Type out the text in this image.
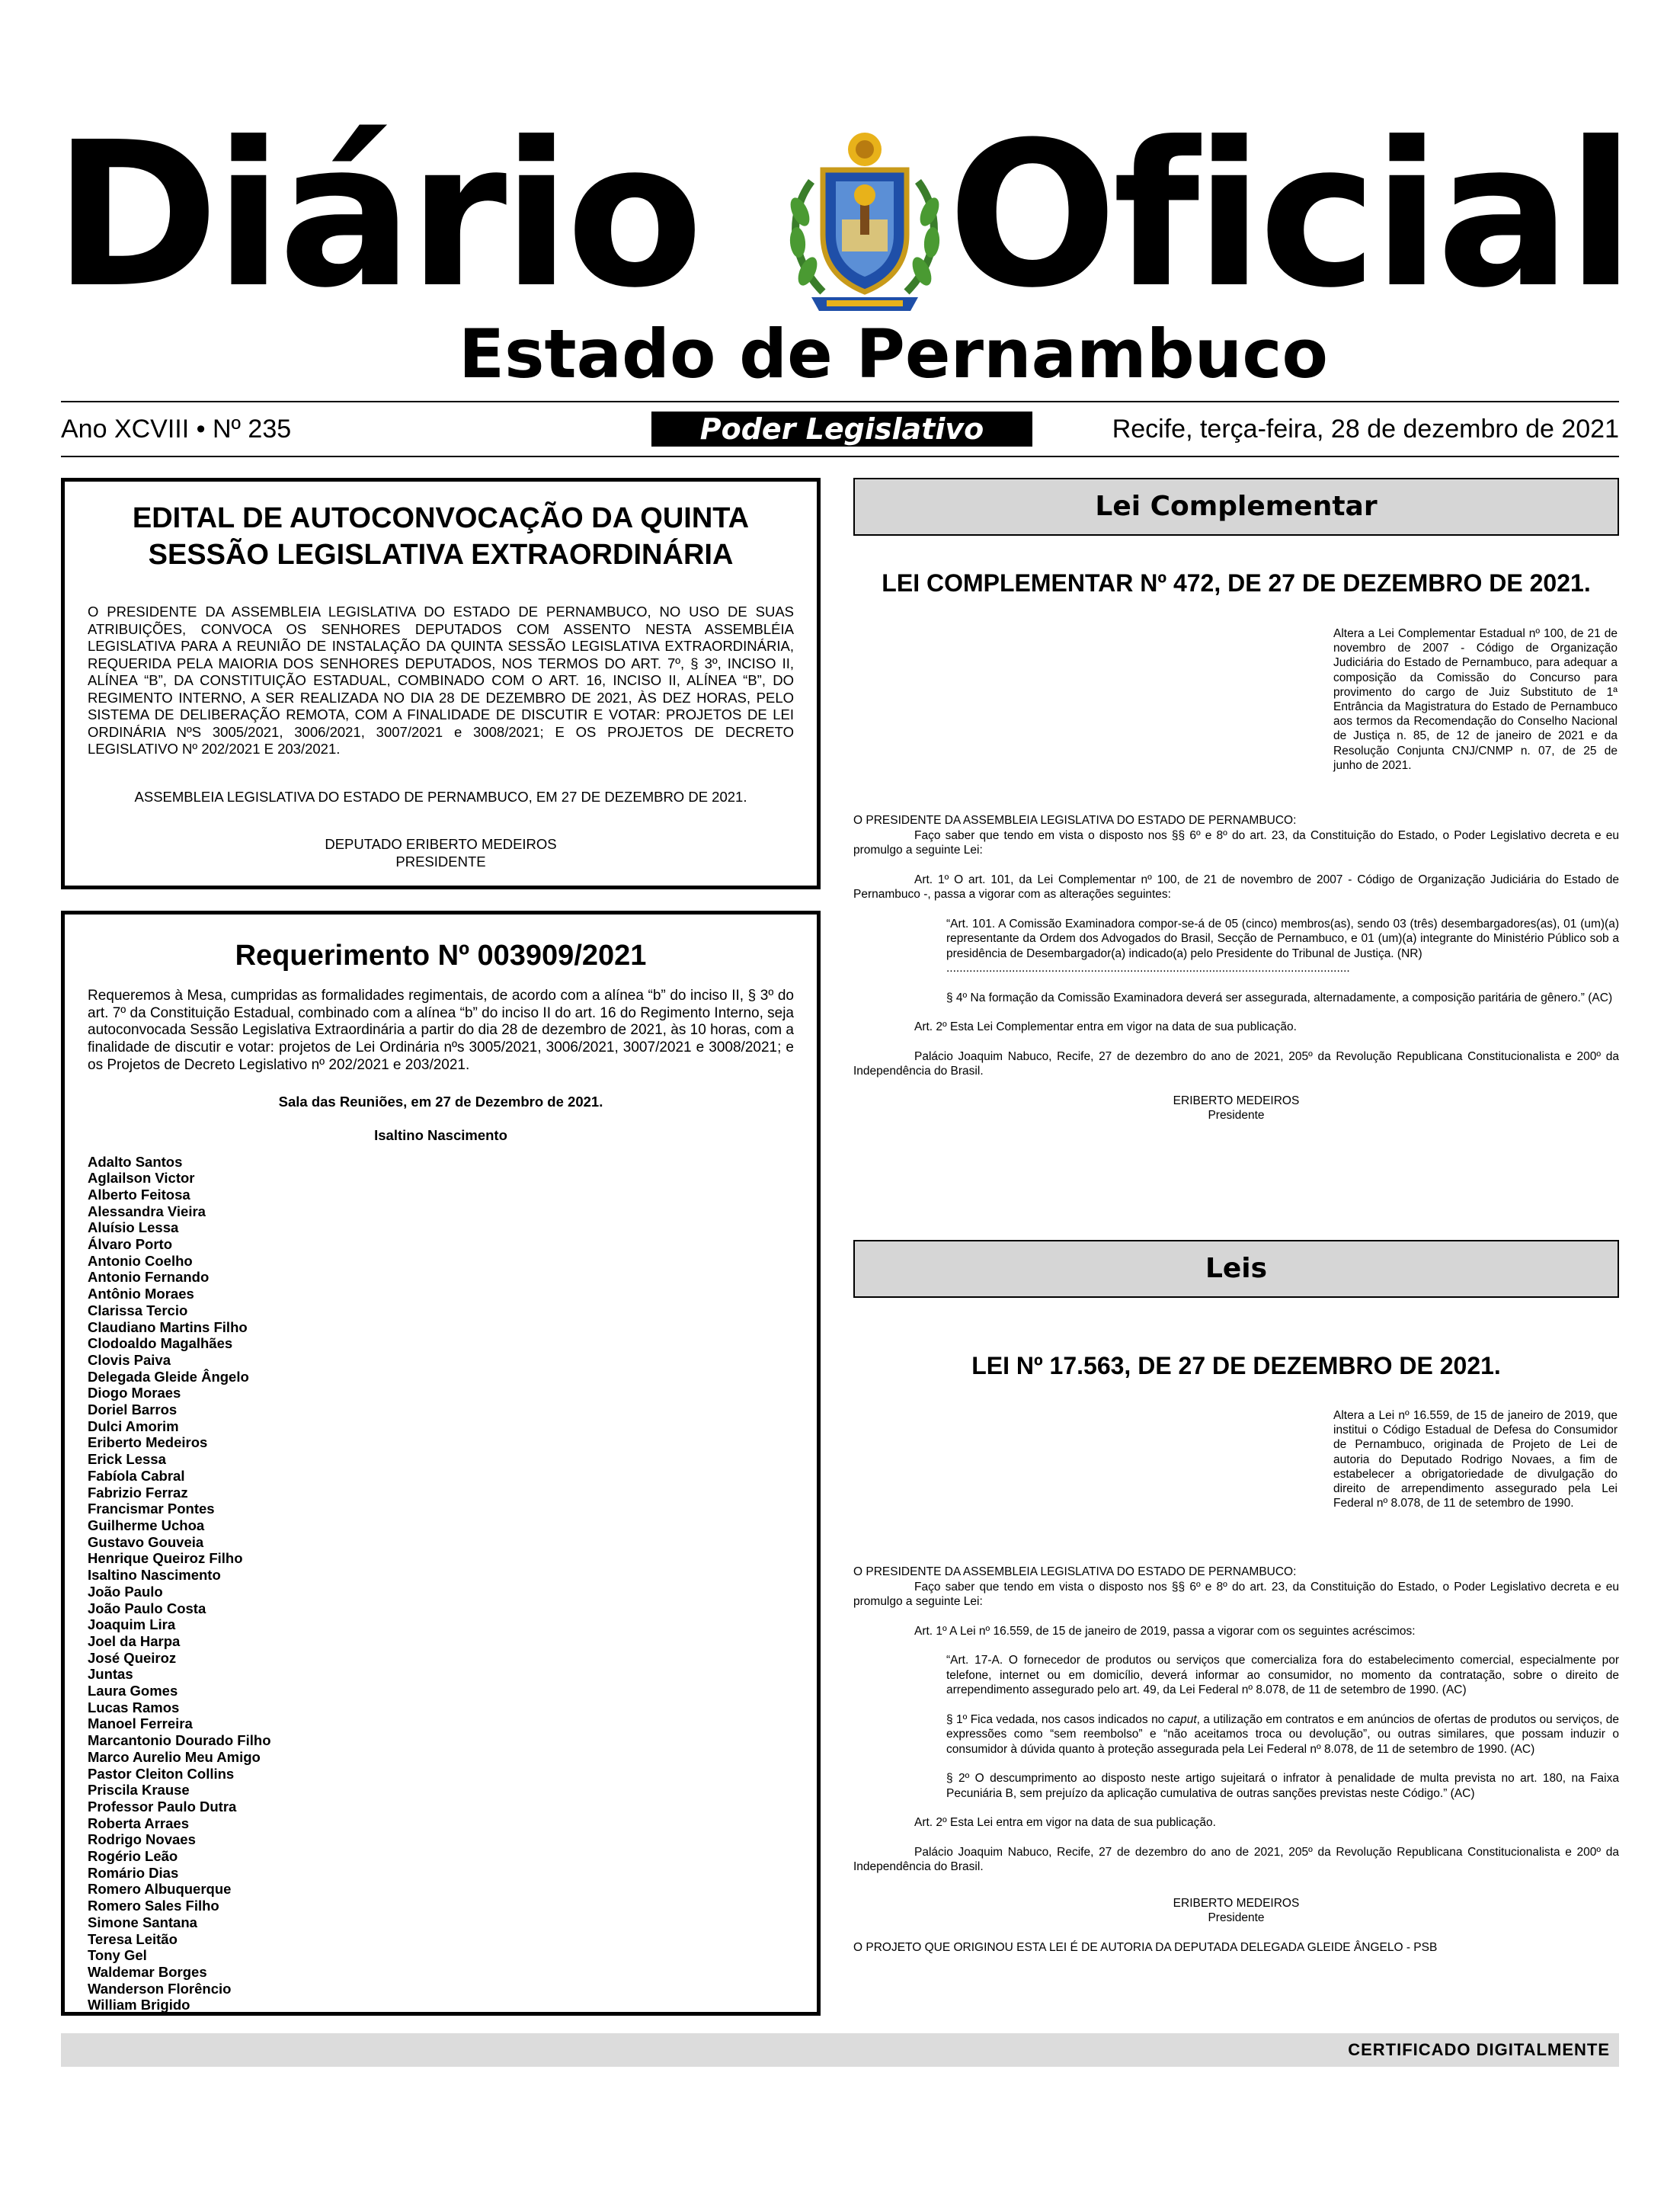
Diário Oficial
Estado de Pernambuco
Ano XCVIII • Nº 235	Poder Legislativo	Recife, terça-feira, 28 de dezembro de 2021
EDITAL DE AUTOCONVOCAÇÃO DA QUINTA SESSÃO LEGISLATIVA EXTRAORDINÁRIA
O PRESIDENTE DA ASSEMBLEIA LEGISLATIVA DO ESTADO DE PERNAMBUCO, NO USO DE SUAS ATRIBUIÇÕES, CONVOCA OS SENHORES DEPUTADOS COM ASSENTO NESTA ASSEMBLÉIA LEGISLATIVA PARA A REUNIÃO DE INSTALAÇÃO DA QUINTA SESSÃO LEGISLATIVA EXTRAORDINÁRIA, REQUERIDA PELA MAIORIA DOS SENHORES DEPUTADOS, NOS TERMOS DO ART. 7º, § 3º, INCISO II, ALÍNEA “B”, DA CONSTITUIÇÃO ESTADUAL, COMBINADO COM O ART. 16, INCISO II, ALÍNEA “B”, DO REGIMENTO INTERNO, A SER REALIZADA NO DIA 28 DE DEZEMBRO DE 2021, ÀS DEZ HORAS, PELO SISTEMA DE DELIBERAÇÃO REMOTA, COM A FINALIDADE DE DISCUTIR E VOTAR: PROJETOS DE LEI ORDINÁRIA NºS 3005/2021, 3006/2021, 3007/2021 e 3008/2021; E OS PROJETOS DE DECRETO LEGISLATIVO Nº 202/2021 E 203/2021.
ASSEMBLEIA LEGISLATIVA DO ESTADO DE PERNAMBUCO, EM 27 DE DEZEMBRO DE 2021.
DEPUTADO ERIBERTO MEDEIROS
PRESIDENTE
Requerimento Nº 003909/2021
Requeremos à Mesa, cumpridas as formalidades regimentais, de acordo com a alínea “b” do inciso II, § 3º do art. 7º da Constituição Estadual, combinado com a alínea “b” do inciso II do art. 16 do Regimento Interno, seja autoconvocada Sessão Legislativa Extraordinária a partir do dia 28 de dezembro de 2021, às 10 horas, com a finalidade de discutir e votar: projetos de Lei Ordinária nºs 3005/2021, 3006/2021, 3007/2021 e 3008/2021; e os Projetos de Decreto Legislativo nº 202/2021 e 203/2021.
Sala das Reuniões, em 27 de Dezembro de 2021.
Isaltino Nascimento
Adalto Santos
Aglailson Victor
Alberto Feitosa
Alessandra Vieira
Aluísio Lessa
Álvaro Porto
Antonio Coelho
Antonio Fernando
Antônio Moraes
Clarissa Tercio
Claudiano Martins Filho
Clodoaldo Magalhães
Clovis Paiva
Delegada Gleide Ângelo
Diogo Moraes
Doriel Barros
Dulci Amorim
Eriberto Medeiros
Erick Lessa
Fabíola Cabral
Fabrizio Ferraz
Francismar Pontes
Guilherme Uchoa
Gustavo Gouveia
Henrique Queiroz Filho
Isaltino Nascimento
João Paulo
João Paulo Costa
Joaquim Lira
Joel da Harpa
José Queiroz
Juntas
Laura Gomes
Lucas Ramos
Manoel Ferreira
Marcantonio Dourado Filho
Marco Aurelio Meu Amigo
Pastor Cleiton Collins
Priscila Krause
Professor Paulo Dutra
Roberta Arraes
Rodrigo Novaes
Rogério Leão
Romário Dias
Romero Albuquerque
Romero Sales Filho
Simone Santana
Teresa Leitão
Tony Gel
Waldemar Borges
Wanderson Florêncio
William Brigido
Lei Complementar
LEI COMPLEMENTAR Nº 472, DE 27 DE DEZEMBRO DE 2021.
Altera a Lei Complementar Estadual nº 100, de 21 de novembro de 2007 - Código de Organização Judiciária do Estado de Pernambuco, para adequar a composição da Comissão do Concurso para provimento do cargo de Juiz Substituto de 1ª Entrância da Magistratura do Estado de Pernambuco aos termos da Recomendação do Conselho Nacional de Justiça n. 85, de 12 de janeiro de 2021 e da Resolução Conjunta CNJ/CNMP n. 07, de 25 de junho de 2021.

O PRESIDENTE DA ASSEMBLEIA LEGISLATIVA DO ESTADO DE PERNAMBUCO:

Faço saber que tendo em vista o disposto nos §§ 6º e 8º do art. 23, da Constituição do Estado, o Poder Legislativo decreta e eu promulgo a seguinte Lei:

Art. 1º O art. 101, da Lei Complementar nº 100, de 21 de novembro de 2007 - Código de Organização Judiciária do Estado de Pernambuco -, passa a vigorar com as alterações seguintes:

“Art. 101. A Comissão Examinadora compor-se-á de 05 (cinco) membros(as), sendo 03 (três) desembargadores(as), 01 (um)(a) representante da Ordem dos Advogados do Brasil, Secção de Pernambuco, e 01 (um)(a) integrante do Ministério Público sob a presidência de Desembargador(a) indicado(a) pelo Presidente do Tribunal de Justiça. (NR)

...........................................................................................................................

§ 4º Na formação da Comissão Examinadora deverá ser assegurada, alternadamente, a composição paritária de gênero.” (AC)

Art. 2º Esta Lei Complementar entra em vigor na data de sua publicação.

Palácio Joaquim Nabuco, Recife, 27 de dezembro do ano de 2021, 205º da Revolução Republicana Constitucionalista e 200º da Independência do Brasil.

ERIBERTO MEDEIROS

Presidente

Leis
LEI Nº 17.563, DE 27 DE DEZEMBRO DE 2021.
Altera a Lei nº 16.559, de 15 de janeiro de 2019, que institui o Código Estadual de Defesa do Consumidor de Pernambuco, originada de Projeto de Lei de autoria do Deputado Rodrigo Novaes, a fim de estabelecer a obrigatoriedade de divulgação do direito de arrependimento assegurado pela Lei Federal nº 8.078, de 11 de setembro de 1990.

O PRESIDENTE DA ASSEMBLEIA LEGISLATIVA DO ESTADO DE PERNAMBUCO:

Faço saber que tendo em vista o disposto nos §§ 6º e 8º do art. 23, da Constituição do Estado, o Poder Legislativo decreta e eu promulgo a seguinte Lei:

Art. 1º A Lei nº 16.559, de 15 de janeiro de 2019, passa a vigorar com os seguintes acréscimos:

“Art. 17-A. O fornecedor de produtos ou serviços que comercializa fora do estabelecimento comercial, especialmente por telefone, internet ou em domicílio, deverá informar ao consumidor, no momento da contratação, sobre o direito de arrependimento assegurado pelo art. 49, da Lei Federal nº 8.078, de 11 de setembro de 1990. (AC)

§ 1º Fica vedada, nos casos indicados no caput, a utilização em contratos e em anúncios de ofertas de produtos ou serviços, de expressões como “sem reembolso” e “não aceitamos troca ou devolução”, ou outras similares, que possam induzir o consumidor à dúvida quanto à proteção assegurada pela Lei Federal nº 8.078, de 11 de setembro de 1990. (AC)

§ 2º O descumprimento ao disposto neste artigo sujeitará o infrator à penalidade de multa prevista no art. 180, na Faixa Pecuniária B, sem prejuízo da aplicação cumulativa de outras sanções previstas neste Código.” (AC)

Art. 2º Esta Lei entra em vigor na data de sua publicação.

Palácio Joaquim Nabuco, Recife, 27 de dezembro do ano de 2021, 205º da Revolução Republicana Constitucionalista e 200º da Independência do Brasil.

ERIBERTO MEDEIROS

Presidente

O PROJETO QUE ORIGINOU ESTA LEI É DE AUTORIA DA DEPUTADA DELEGADA GLEIDE ÂNGELO - PSB

CERTIFICADO DIGITALMENTE
